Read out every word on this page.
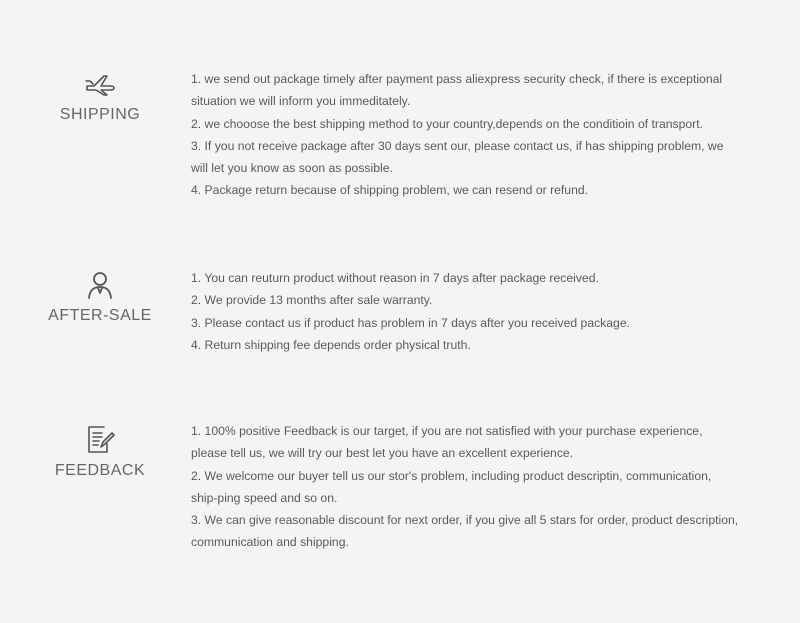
SHIPPING

1. we send out package timely after payment pass aliexpress security check, if there is exceptional situation we will inform you immeditately.

2. we chooose the best shipping method to your country,depends on the conditioin of transport.

3. If you not receive package after 30 days sent our, please contact us, if has shipping problem, we will let you know as soon as possible.

4. Package return because of shipping problem, we can resend or refund.

AFTER-SALE

1. You can reuturn product without reason in 7 days after package received.

2. We provide 13 months after sale warranty.

3. Please contact us if product has problem in 7 days after you received package.

4. Return shipping fee depends order physical truth.

FEEDBACK

1. 100% positive Feedback is our target, if you are not satisfied with your purchase experience, please tell us, we will try our best let you have an excellent experience.

2. We welcome our buyer tell us our stor's problem, including product descriptin, communication, ship-ping speed and so on.

3. We can give reasonable discount for next order, if you give all 5 stars for order, product description, communication and shipping.
